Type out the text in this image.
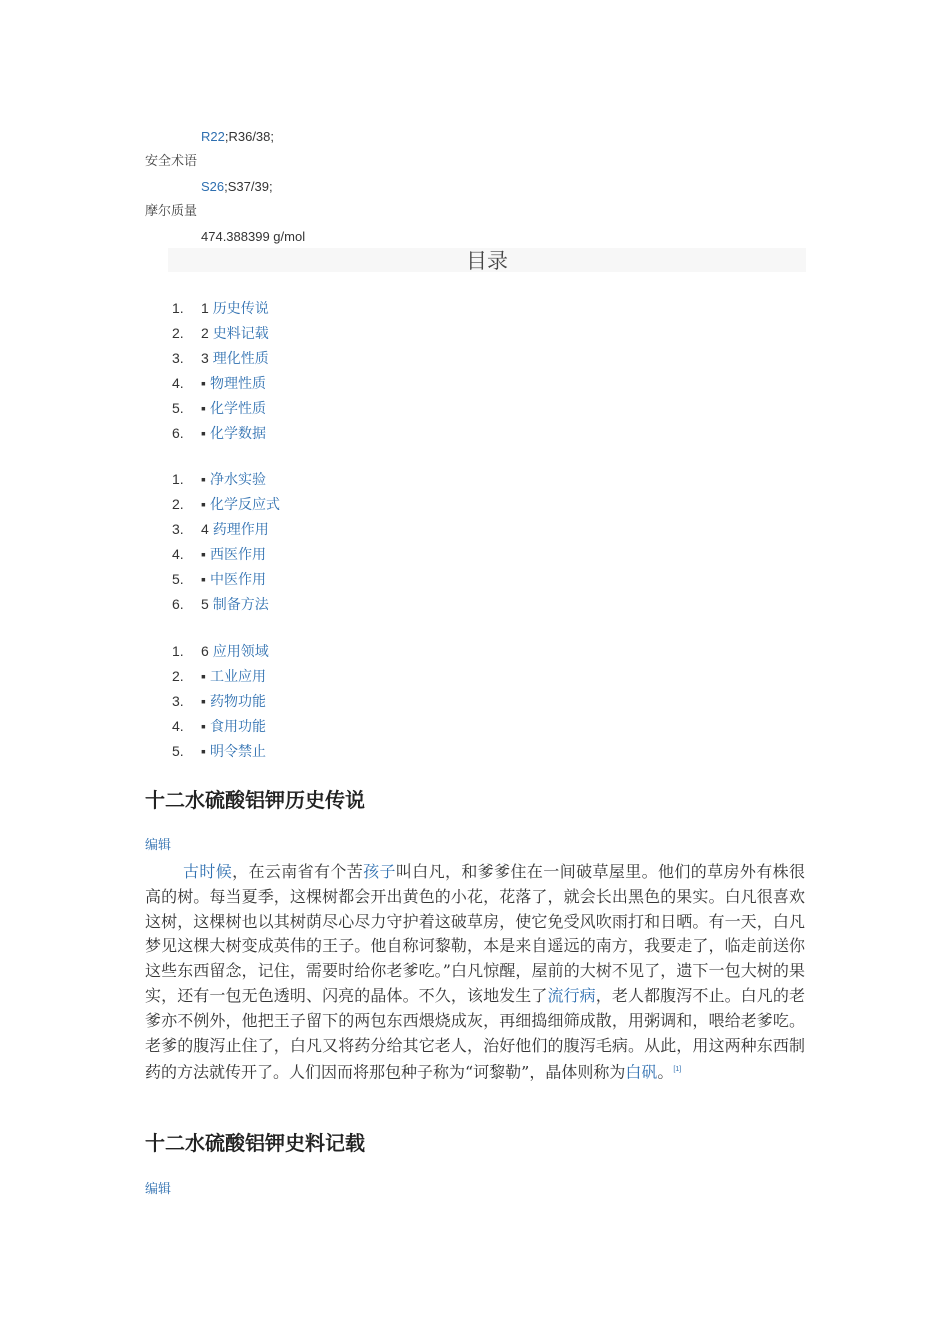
R22;R36/38;
安全术语
S26;S37/39;
摩尔质量
474.388399 g/mol
目录
1. 1 历史传说
2. 2 史料记载
3. 3 理化性质
4. ▪ 物理性质
5. ▪ 化学性质
6. ▪ 化学数据
1. ▪ 净水实验
2. ▪ 化学反应式
3. 4 药理作用
4. ▪ 西医作用
5. ▪ 中医作用
6. 5 制备方法
1. 6 应用领域
2. ▪ 工业应用
3. ▪ 药物功能
4. ▪ 食用功能
5. ▪ 明令禁止
十二水硫酸铝钾历史传说
编辑

古时候，在云南省有个苦孩子叫白凡，和爹爹住在一间破草屋里。他们的草房外有株很高的树。每当夏季，这棵树都会开出黄色的小花，花落了，就会长出黑色的果实。白凡很喜欢这树，这棵树也以其树荫尽心尽力守护着这破草房，使它免受风吹雨打和日晒。有一天，白凡梦见这棵大树变成英伟的王子。他自称诃黎勒，本是来自遥远的南方，我要走了，临走前送你这些东西留念，记住，需要时给你老爹吃。”白凡惊醒，屋前的大树不见了，遗下一包大树的果实，还有一包无色透明、闪亮的晶体。不久，该地发生了流行病，老人都腹泻不止。白凡的老爹亦不例外，他把王子留下的两包东西煨烧成灰，再细捣细筛成散，用粥调和，喂给老爹吃。老爹的腹泻止住了，白凡又将药分给其它老人，治好他们的腹泻毛病。从此，用这两种东西制药的方法就传开了。人们因而将那包种子称为“诃黎勒”，晶体则称为白矾。[1]

十二水硫酸铝钾史料记载
编辑
